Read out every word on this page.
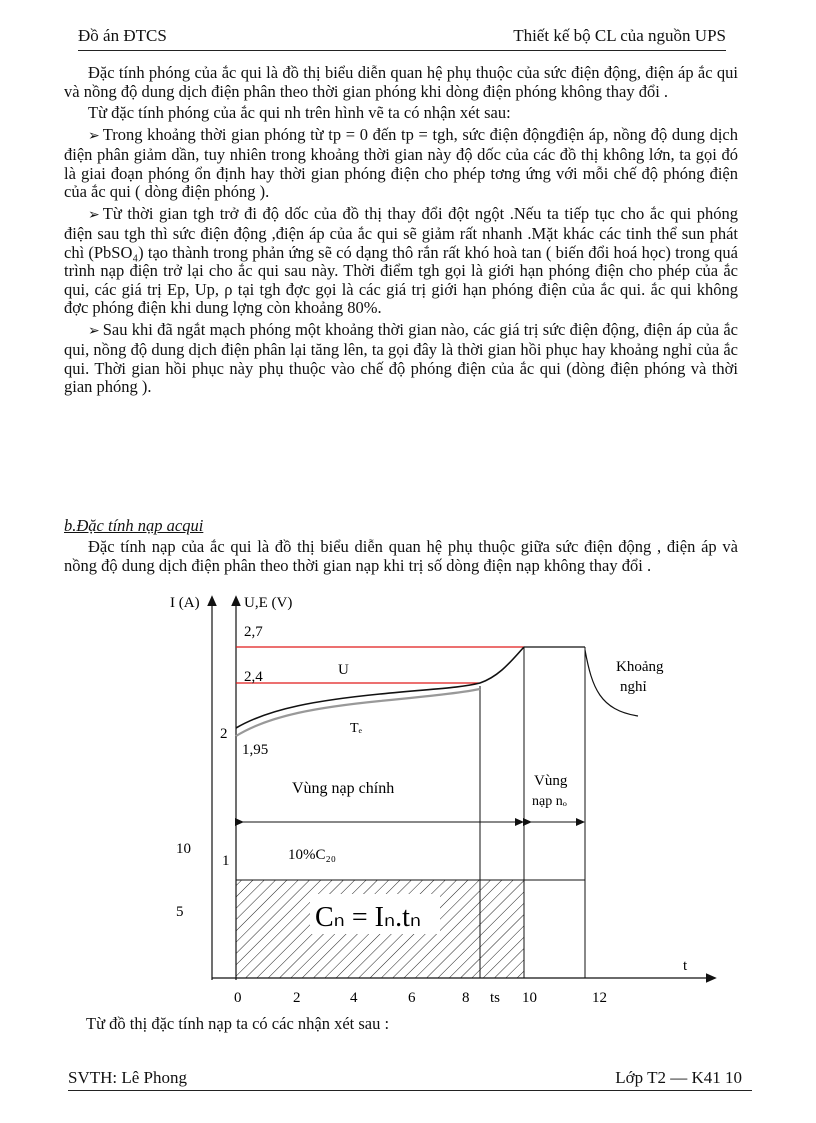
Đồ án ĐTCS	Thiết kế bộ CL của nguồn UPS

Đặc tính phóng của ắc qui là đồ thị biểu diễn quan hệ phụ thuộc của sức điện động, điện áp ắc qui và nồng độ dung dịch điện phân theo thời gian phóng khi dòng điện phóng không thay đổi .

Từ đặc tính phóng của ắc qui nh trên hình vẽ ta có nhận xét sau:

➢ Trong khoảng thời gian phóng từ tp = 0 đến tp = tgh, sức điện độngđiện áp, nồng độ dung dịch điện phân giảm dần, tuy nhiên trong khoảng thời gian này độ dốc của các đồ thị không lớn, ta gọi đó là giai đoạn phóng ổn định hay thời gian phóng điện cho phép tơng ứng với mỗi chế độ phóng điện của ắc qui ( dòng điện phóng ).

➢ Từ thời gian tgh trở đi độ dốc của đồ thị thay đổi đột ngột .Nếu ta tiếp tục cho ắc qui phóng điện sau tgh thì sức điện động ,điện áp của ắc qui sẽ giảm rất nhanh .Mặt khác các tinh thể sun phát chì (PbSO₄) tạo thành trong phản ứng sẽ có dạng thô rắn rất khó hoà tan ( biến đổi hoá học) trong quá trình nạp điện trở lại cho ắc qui sau này. Thời điểm tgh gọi là giới hạn phóng điện cho phép của ắc qui, các giá trị Ep, Up, ρ tại tgh đợc gọi là các giá trị giới hạn phóng điện của ắc qui. ắc qui không đợc phóng điện khi dung lợng còn khoảng 80%.

➢ Sau khi đã ngắt mạch phóng một khoảng thời gian nào, các giá trị sức điện động, điện áp của ắc qui, nồng độ dung dịch điện phân lại tăng lên, ta gọi đây là thời gian hồi phục hay khoảng nghỉ của ắc qui. Thời gian hồi phục này phụ thuộc vào chế độ phóng điện của ắc qui (dòng điện phóng và thời gian phóng ).

b.Đặc tính nạp acqui

Đặc tính nạp của ắc qui là đồ thị biểu diễn quan hệ phụ thuộc giữa sức điện động , điện áp và nồng độ dung dịch điện phân theo thời gian nạp khi trị số dòng điện nạp không thay đổi .

I (A)	U,E (V)
t
2,7
2,4
2
1,95
1
10
5
0	2	4	6	8 ts 10	12
U
Tₑ
Vùng nạp chính	Vùng
nạp nₒ
Khoảng
nghỉ
10%C₂₀
Cₙ = Iₙ.tₙ
Từ đồ thị đặc tính nạp ta có các nhận xét sau :
SVTH: Lê Phong	Lớp T2 — K41 10
